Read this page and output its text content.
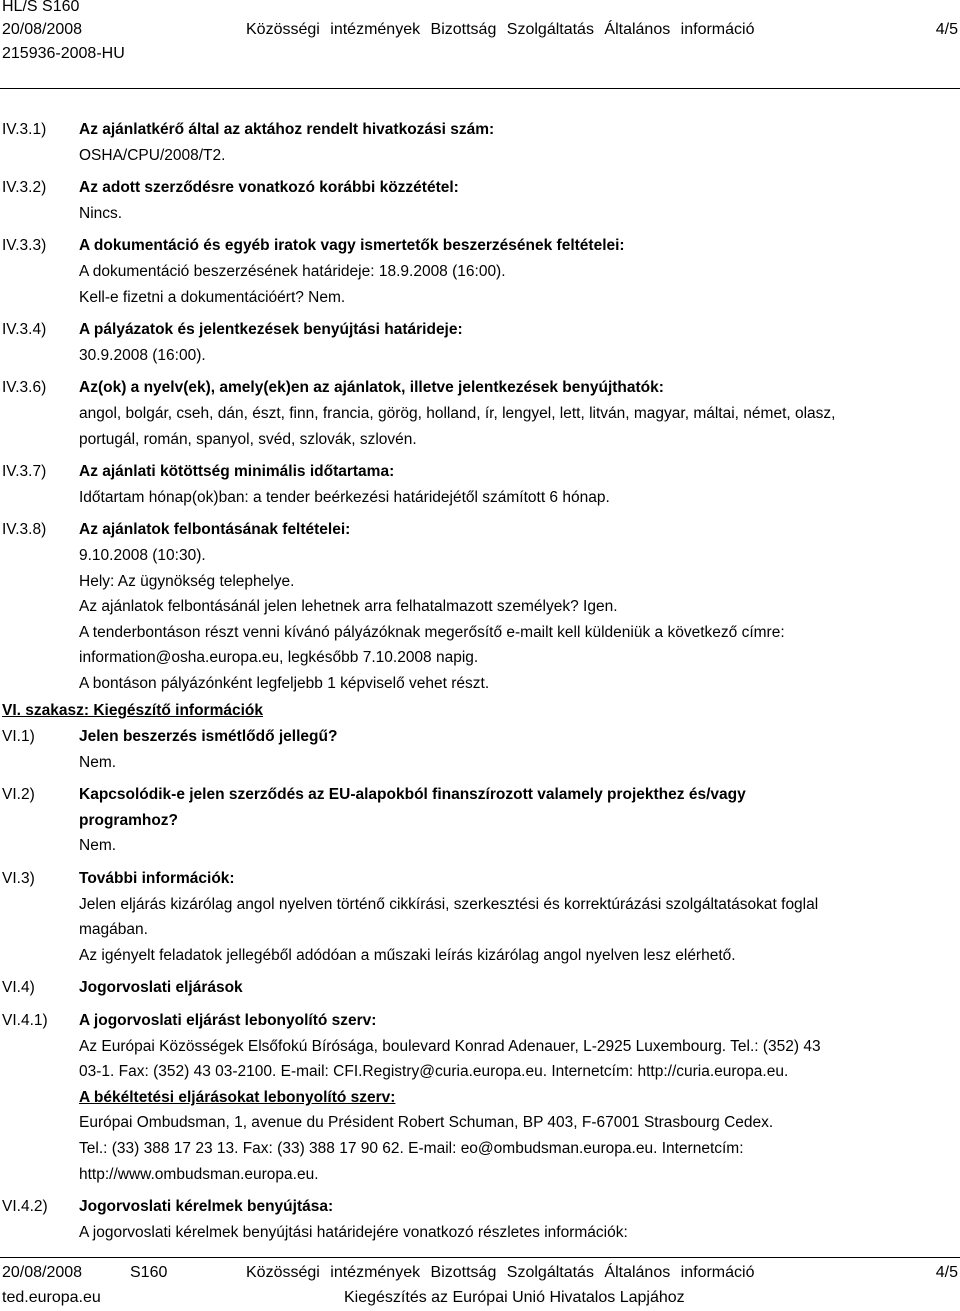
HL/S S160
20/08/2008	Közösségi intézmények Bizottság Szolgáltatás Általános információ	4/5
215936-2008-HU
IV.3.1)	Az ajánlatkérő által az aktához rendelt hivatkozási szám:
OSHA/CPU/2008/T2.
IV.3.2)	Az adott szerződésre vonatkozó korábbi közzététel:
Nincs.
IV.3.3)	A dokumentáció és egyéb iratok vagy ismertetők beszerzésének feltételei:
A dokumentáció beszerzésének határideje: 18.9.2008 (16:00).
Kell-e fizetni a dokumentációért? Nem.
IV.3.4)	A pályázatok és jelentkezések benyújtási határideje:
30.9.2008 (16:00).
IV.3.6)	Az(ok) a nyelv(ek), amely(ek)en az ajánlatok, illetve jelentkezések benyújthatók:
angol, bolgár, cseh, dán, észt, finn, francia, görög, holland, ír, lengyel, lett, litván, magyar, máltai, német, olasz,
portugál, román, spanyol, svéd, szlovák, szlovén.
IV.3.7)	Az ajánlati kötöttség minimális időtartama:
Időtartam hónap(ok)ban: a tender beérkezési határidejétől számított 6 hónap.
IV.3.8)	Az ajánlatok felbontásának feltételei:
9.10.2008 (10:30).
Hely: Az ügynökség telephelye.
Az ajánlatok felbontásánál jelen lehetnek arra felhatalmazott személyek? Igen.
A tenderbontáson részt venni kívánó pályázóknak megerősítő e-mailt kell küldeniük a következő címre:
information@osha.europa.eu, legkésőbb 7.10.2008 napig.
A bontáson pályázónként legfeljebb 1 képviselő vehet részt.
VI. szakasz: Kiegészítő információk
VI.1)	Jelen beszerzés ismétlődő jellegű?
Nem.
VI.2)	Kapcsolódik-e jelen szerződés az EU-alapokból finanszírozott valamely projekthez és/vagy
programhoz?
Nem.
VI.3)	További információk:
Jelen eljárás kizárólag angol nyelven történő cikkírási, szerkesztési és korrektúrázási szolgáltatásokat foglal
magában.
Az igényelt feladatok jellegéből adódóan a műszaki leírás kizárólag angol nyelven lesz elérhető.
VI.4)	Jogorvoslati eljárások
VI.4.1)	A jogorvoslati eljárást lebonyolító szerv:
Az Európai Közösségek Elsőfokú Bírósága, boulevard Konrad Adenauer, L-2925 Luxembourg. Tel.: (352) 43
03-1. Fax: (352) 43 03-2100. E-mail: CFI.Registry@curia.europa.eu. Internetcím: http://curia.europa.eu.
A békéltetési eljárásokat lebonyolító szerv:
Európai Ombudsman, 1, avenue du Président Robert Schuman, BP 403, F-67001 Strasbourg Cedex.
Tel.: (33) 388 17 23 13. Fax: (33) 388 17 90 62. E-mail: eo@ombudsman.europa.eu. Internetcím:
http://www.ombudsman.europa.eu.
VI.4.2)	Jogorvoslati kérelmek benyújtása:
A jogorvoslati kérelmek benyújtási határidejére vonatkozó részletes információk:
20/08/2008	S160	Közösségi intézmények Bizottság Szolgáltatás Általános információ	4/5
ted.europa.eu	Kiegészítés az Európai Unió Hivatalos Lapjához
